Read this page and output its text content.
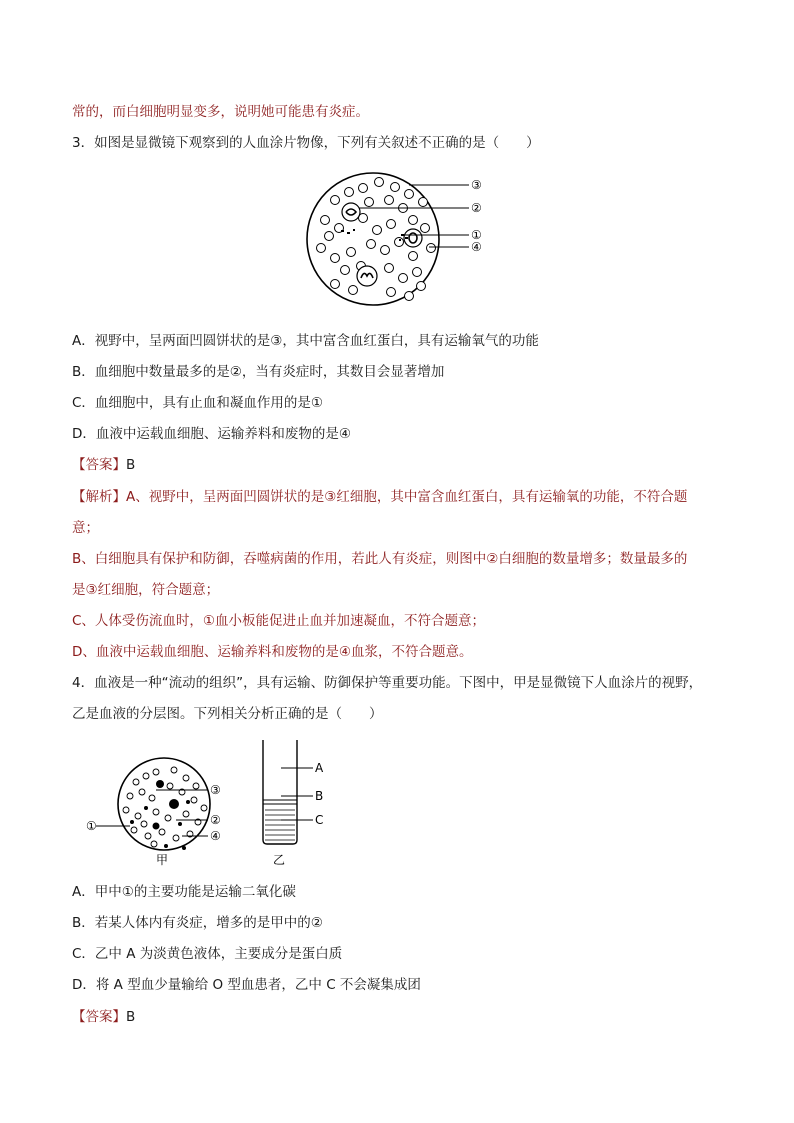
常的，而白细胞明显变多，说明她可能患有炎症。
3．如图是显微镜下观察到的人血涂片物像，下列有关叙述不正确的是（　　）
③
②
①
④
A．视野中，呈两面凹圆饼状的是③，其中富含血红蛋白，具有运输氧气的功能
B．血细胞中数量最多的是②，当有炎症时，其数目会显著增加
C．血细胞中，具有止血和凝血作用的是①
D．血液中运载血细胞、运输养料和废物的是④
【答案】B
【解析】A、视野中，呈两面凹圆饼状的是③红细胞，其中富含血红蛋白，具有运输氧的功能，不符合题
意；
B、白细胞具有保护和防御，吞噬病菌的作用，若此人有炎症，则图中②白细胞的数量增多；数量最多的
是③红细胞，符合题意；
C、人体受伤流血时，①血小板能促进止血并加速凝血，不符合题意；
D、血液中运载血细胞、运输养料和废物的是④血浆，不符合题意。
4．血液是一种“流动的组织”，具有运输、防御保护等重要功能。下图中，甲是显微镜下人血涂片的视野，
乙是血液的分层图。下列相关分析正确的是（　　）
③
②
①
④
甲
A
B
C
乙
A．甲中①的主要功能是运输二氧化碳
B．若某人体内有炎症，增多的是甲中的②
C．乙中 A 为淡黄色液体，主要成分是蛋白质
D．将 A 型血少量输给 O 型血患者，乙中 C 不会凝集成团
【答案】B
